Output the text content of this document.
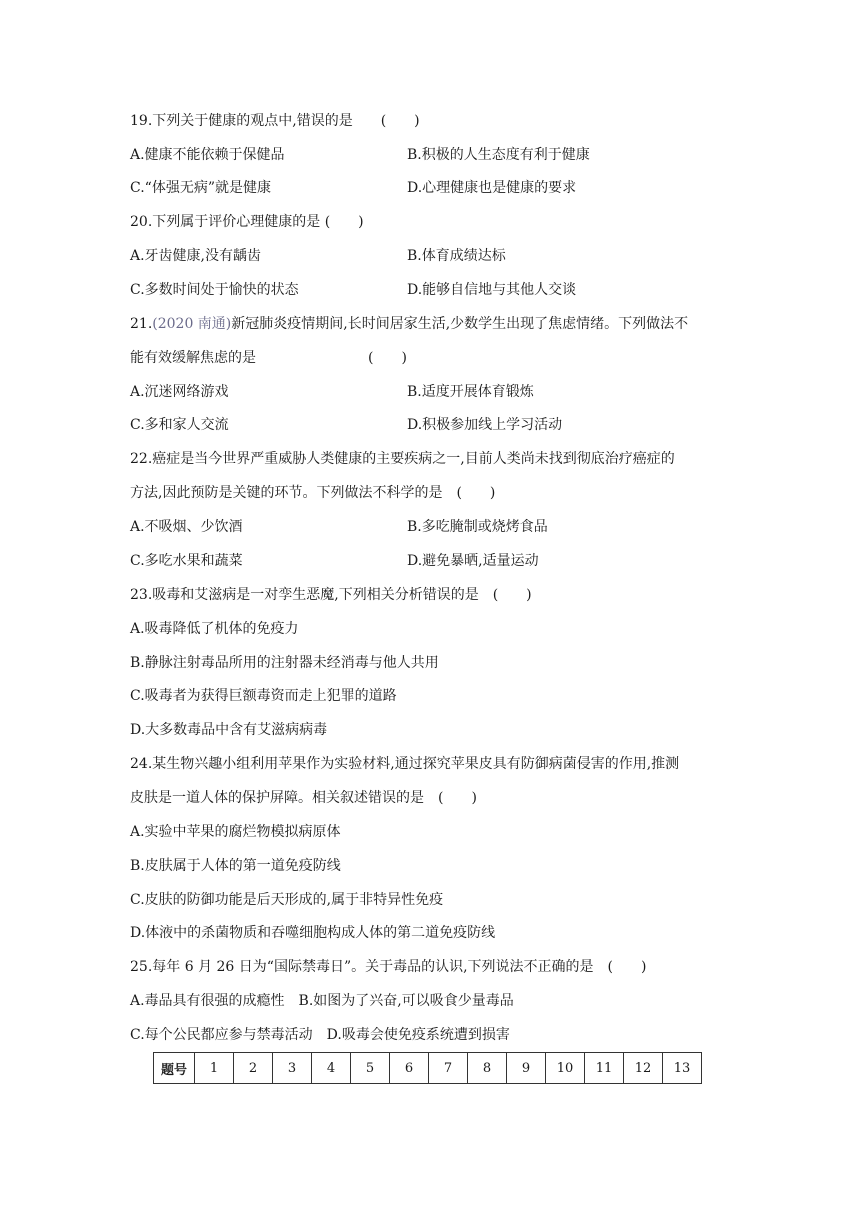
19.下列关于健康的观点中,错误的是　　(　　)
A.健康不能依赖于保健品	B.积极的人生态度有利于健康
C.“体强无病”就是健康	D.心理健康也是健康的要求
20.下列属于评价心理健康的是 (　　)
A.牙齿健康,没有龋齿	B.体育成绩达标
C.多数时间处于愉快的状态	D.能够自信地与其他人交谈
21.(2020 南通)新冠肺炎疫情期间,长时间居家生活,少数学生出现了焦虑情绪。下列做法不
能有效缓解焦虑的是　　　　　　　　(　　)
A.沉迷网络游戏	B.适度开展体育锻炼
C.多和家人交流	D.积极参加线上学习活动
22.癌症是当今世界严重威胁人类健康的主要疾病之一,目前人类尚未找到彻底治疗癌症的
方法,因此预防是关键的环节。下列做法不科学的是　(　　)
A.不吸烟、少饮酒	B.多吃腌制或烧烤食品
C.多吃水果和蔬菜	D.避免暴晒,适量运动
23.吸毒和艾滋病是一对孪生恶魔,下列相关分析错误的是　(　　)
A.吸毒降低了机体的免疫力
B.静脉注射毒品所用的注射器未经消毒与他人共用
C.吸毒者为获得巨额毒资而走上犯罪的道路
D.大多数毒品中含有艾滋病病毒
24.某生物兴趣小组利用苹果作为实验材料,通过探究苹果皮具有防御病菌侵害的作用,推测
皮肤是一道人体的保护屏障。相关叙述错误的是　(　　)
A.实验中苹果的腐烂物模拟病原体
B.皮肤属于人体的第一道免疫防线
C.皮肤的防御功能是后天形成的,属于非特异性免疫
D.体液中的杀菌物质和吞噬细胞构成人体的第二道免疫防线
25.每年 6 月 26 日为“国际禁毒日”。关于毒品的认识,下列说法不正确的是　(　　)
A.毒品具有很强的成瘾性　B.如图为了兴奋,可以吸食少量毒品
C.每个公民都应参与禁毒活动　D.吸毒会使免疫系统遭到损害
题号	1	2	3	4	5	6	7	8	9	10	11	12	13
